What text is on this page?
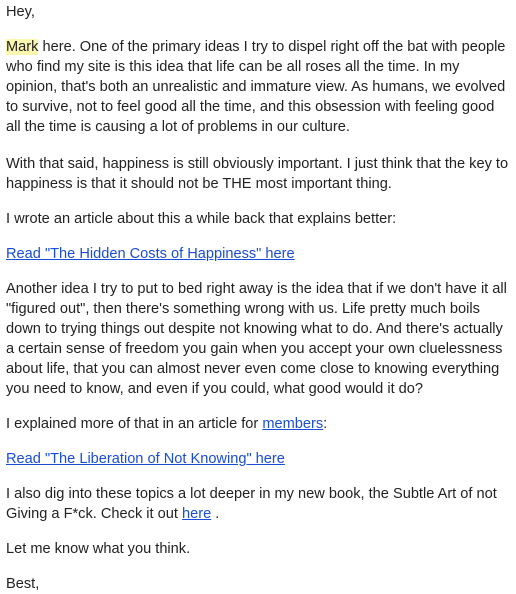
Hey,

Mark here. One of the primary ideas I try to dispel right off the bat with people who find my site is this idea that life can be all roses all the time. In my opinion, that's both an unrealistic and immature view. As humans, we evolved to survive, not to feel good all the time, and this obsession with feeling good all the time is causing a lot of problems in our culture.

With that said, happiness is still obviously important. I just think that the key to happiness is that it should not be THE most important thing.

I wrote an article about this a while back that explains better:

Read "The Hidden Costs of Happiness" here

Another idea I try to put to bed right away is the idea that if we don't have it all "figured out", then there's something wrong with us. Life pretty much boils down to trying things out despite not knowing what to do. And there's actually a certain sense of freedom you gain when you accept your own cluelessness about life, that you can almost never even come close to knowing everything you need to know, and even if you could, what good would it do?

I explained more of that in an article for members:

Read "The Liberation of Not Knowing" here

I also dig into these topics a lot deeper in my new book, the Subtle Art of not Giving a F*ck. Check it out here .

Let me know what you think.

Best,
